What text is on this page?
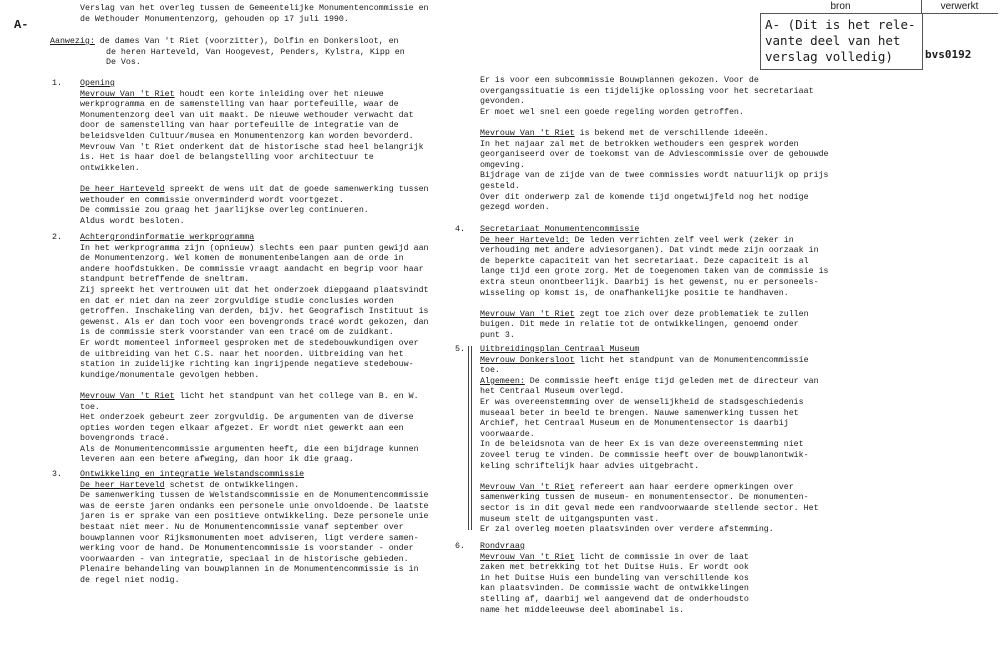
A-
bron	verwerkt
A- (Dit is het rele-
vante deel van het
verslag volledig)	bvs0192
Verslag van het overleg tussen de Gemeentelijke Monumentencommissie en
de Wethouder Monumentenzorg, gehouden op 17 juli 1990.
Aanwezig: de dames Van 't Riet (voorzitter), Dolfin en Donkersloot, en
de heren Harteveld, Van Hoogevest, Penders, Kylstra, Kipp en
De Vos.
1. Opening
Mevrouw Van 't Riet houdt een korte inleiding over het nieuwe
werkprogramma en de samenstelling van haar portefeuille, waar de
Monumentenzorg deel van uit maakt. De nieuwe wethouder verwacht dat
door de samenstelling van haar portefeuille de integratie van de
beleidsvelden Cultuur/musea en Monumentenzorg kan worden bevorderd.
Mevrouw Van 't Riet onderkent dat de historische stad heel belangrijk
is. Het is haar doel de belangstelling voor architectuur te
ontwikkelen.
De heer Harteveld spreekt de wens uit dat de goede samenwerking tussen
wethouder en commissie onverminderd wordt voortgezet.
De commissie zou graag het jaarlijkse overleg continueren.
Aldus wordt besloten.
2. Achtergrondinformatie werkprogramma
In het werkprogramma zijn (opnieuw) slechts een paar punten gewijd aan
de Monumentenzorg. Wel komen de monumentenbelangen aan de orde in
andere hoofdstukken. De commissie vraagt aandacht en begrip voor haar
standpunt betreffende de sneltram.
Zij spreekt het vertrouwen uit dat het onderzoek diepgaand plaatsvindt
en dat er niet dan na zeer zorgvuldige studie conclusies worden
getroffen. Inschakeling van derden, bijv. het Geografisch Instituut is
gewenst. Als er dan toch voor een bovengronds tracé wordt gekozen, dan
is de commissie sterk voorstander van een tracé om de zuidkant.
Er wordt momenteel informeel gesproken met de stedebouwkundigen over
de uitbreiding van het C.S. naar het noorden. Uitbreiding van het
station in zuidelijke richting kan ingrijpende negatieve stedebouw-
kundige/monumentale gevolgen hebben.
Mevrouw Van 't Riet licht het standpunt van het college van B. en W.
toe.
Het onderzoek gebeurt zeer zorgvuldig. De argumenten van de diverse
opties worden tegen elkaar afgezet. Er wordt niet gewerkt aan een
bovengronds tracé.
Als de Monumentencommissie argumenten heeft, die een bijdrage kunnen
leveren aan een betere afweging, dan hoor ik die graag.
3. Ontwikkeling en integratie Welstandscommissie
De heer Harteveld schetst de ontwikkelingen.
De samenwerking tussen de Welstandscommissie en de Monumentencommissie
was de eerste jaren ondanks een personele unie onvoldoende. De laatste
jaren is er sprake van een positieve ontwikkeling. Deze personele unie
bestaat niet meer. Nu de Monumentencommissie vanaf september over
bouwplannen voor Rijksmonumenten moet adviseren, ligt verdere samen-
werking voor de hand. De Monumentencommissie is voorstander - onder
voorwaarden - van integratie, speciaal in de historische gebieden.
Plenaire behandeling van bouwplannen in de Monumentencommissie is in
de regel niet nodig.
Er is voor een subcommissie Bouwplannen gekozen. Voor de
overgangssituatie is een tijdelijke oplossing voor het secretariaat
gevonden.
Er moet wel snel een goede regeling worden getroffen.
Mevrouw Van 't Riet is bekend met de verschillende ideeën.
In het najaar zal met de betrokken wethouders een gesprek worden
georganiseerd over de toekomst van de Adviescommissie over de gebouwde
omgeving.
Bijdrage van de zijde van de twee commissies wordt natuurlijk op prijs
gesteld.
Over dit onderwerp zal de komende tijd ongetwijfeld nog het nodige
gezegd worden.
4. Secretariaat Monumentencommissie
De heer Harteveld: De leden verrichten zelf veel werk (zeker in
verhouding met andere adviesorganen). Dat vindt mede zijn oorzaak in
de beperkte capaciteit van het secretariaat. Deze capaciteit is al
lange tijd een grote zorg. Met de toegenomen taken van de commissie is
extra steun onontbeerlijk. Daarbij is het gewenst, nu er personeels-
wisseling op komst is, de onafhankelijke positie te handhaven.
Mevrouw Van 't Riet zegt toe zich over deze problematiek te zullen
buigen. Dit mede in relatie tot de ontwikkelingen, genoemd onder
punt 3.
5. Uitbreidingsplan Centraal Museum
Mevrouw Donkersloot licht het standpunt van de Monumentencommissie
toe.
Algemeen: De commissie heeft enige tijd geleden met de directeur van
het Centraal Museum overlegd.
Er was overeenstemming over de wenselijkheid de stadsgeschiedenis
museaal beter in beeld te brengen. Nauwe samenwerking tussen het
Archief, het Centraal Museum en de Monumentensector is daarbij
voorwaarde.
In de beleidsnota van de heer Ex is van deze overeenstemming niet
zoveel terug te vinden. De commissie heeft over de bouwplanontwik-
keling schriftelijk haar advies uitgebracht.
Mevrouw Van 't Riet refereert aan haar eerdere opmerkingen over
samenwerking tussen de museum- en monumentensector. De monumenten-
sector is in dit geval mede een randvoorwaarde stellende sector. Het
museum stelt de uitgangspunten vast.
Er zal overleg moeten plaatsvinden over verdere afstemming.
6. Rondvraag
Mevrouw Van 't Riet licht de commissie in over de laat
zaken met betrekking tot het Duitse Huis. Er wordt ook
in het Duitse Huis een bundeling van verschillende kos
kan plaatsvinden. De commissie wacht de ontwikkelingen
stelling af, daarbij wel aangevend dat de onderhoudsto
name het middeleeuwse deel abominabel is.
